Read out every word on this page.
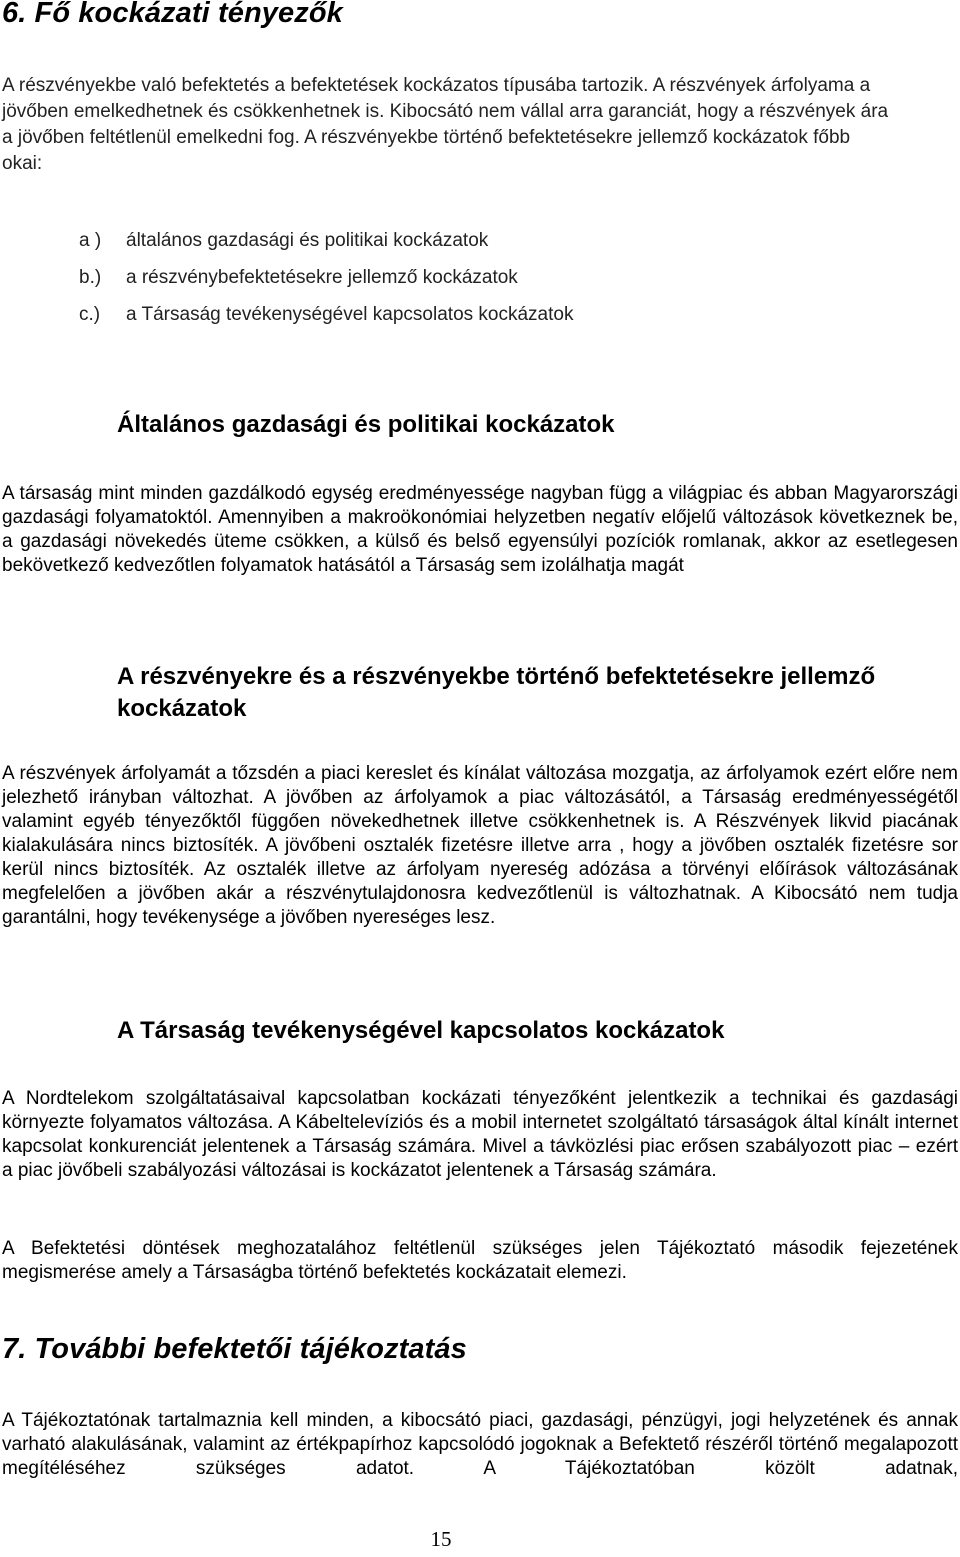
6. Fő kockázati tényezők

A részvényekbe való befektetés a befektetések kockázatos típusába tartozik. A részvények árfolyama a jövőben emelkedhetnek és csökkenhetnek is. Kibocsátó nem vállal arra garanciát, hogy a részvények ára a jövőben feltétlenül emelkedni fog. A részvényekbe történő befektetésekre jellemző kockázatok főbb okai:

a ) általános gazdasági és politikai kockázatok
b.) a részvénybefektetésekre jellemző kockázatok
c.) a Társaság tevékenységével kapcsolatos kockázatok
Általános gazdasági és politikai kockázatok

A társaság mint minden gazdálkodó egység eredményessége nagyban függ a világpiac és abban Magyarországi gazdasági folyamatoktól. Amennyiben a makroökonómiai helyzetben negatív előjelű változások következnek be, a gazdasági növekedés üteme csökken, a külső és belső egyensúlyi pozíciók romlanak, akkor az esetlegesen bekövetkező kedvezőtlen folyamatok hatásától a Társaság sem izolálhatja magát

A részvényekre és a részvényekbe történő befektetésekre jellemző kockázatok

A részvények árfolyamát a tőzsdén a piaci kereslet és kínálat változása mozgatja, az árfolyamok ezért előre nem jelezhető irányban változhat. A jövőben az árfolyamok a piac változásától, a Társaság eredményességétől valamint egyéb tényezőktől függően növekedhetnek illetve csökkenhetnek is. A Részvények likvid piacának kialakulására nincs biztosíték. A jövőbeni osztalék fizetésre illetve arra , hogy a jövőben osztalék fizetésre sor kerül nincs biztosíték. Az osztalék illetve az árfolyam nyereség adózása a törvényi előírások változásának megfelelően a jövőben akár a részvénytulajdonosra kedvezőtlenül is változhatnak. A Kibocsátó nem tudja garantálni, hogy tevékenysége a jövőben nyereséges lesz.

A Társaság tevékenységével kapcsolatos kockázatok

A Nordtelekom szolgáltatásaival kapcsolatban kockázati tényezőként jelentkezik a technikai és gazdasági környezte folyamatos változása. A Kábeltelevíziós és a mobil internetet szolgáltató társaságok által kínált internet kapcsolat konkurenciát jelentenek a Társaság számára. Mivel a távközlési piac erősen szabályozott piac – ezért a piac jövőbeli szabályozási változásai is kockázatot jelentenek a Társaság számára.

A Befektetési döntések meghozatalához feltétlenül szükséges jelen Tájékoztató második fejezetének megismerése amely a Társaságba történő befektetés kockázatait elemezi.

7. További befektetői tájékoztatás

A Tájékoztatónak tartalmaznia kell minden, a kibocsátó piaci, gazdasági, pénzügyi, jogi helyzetének és annak varható alakulásának, valamint az értékpapírhoz kapcsolódó jogoknak a Befektető részéről történő megalapozott megítéléséhez szükséges adatot. A Tájékoztatóban közölt adatnak,

15
